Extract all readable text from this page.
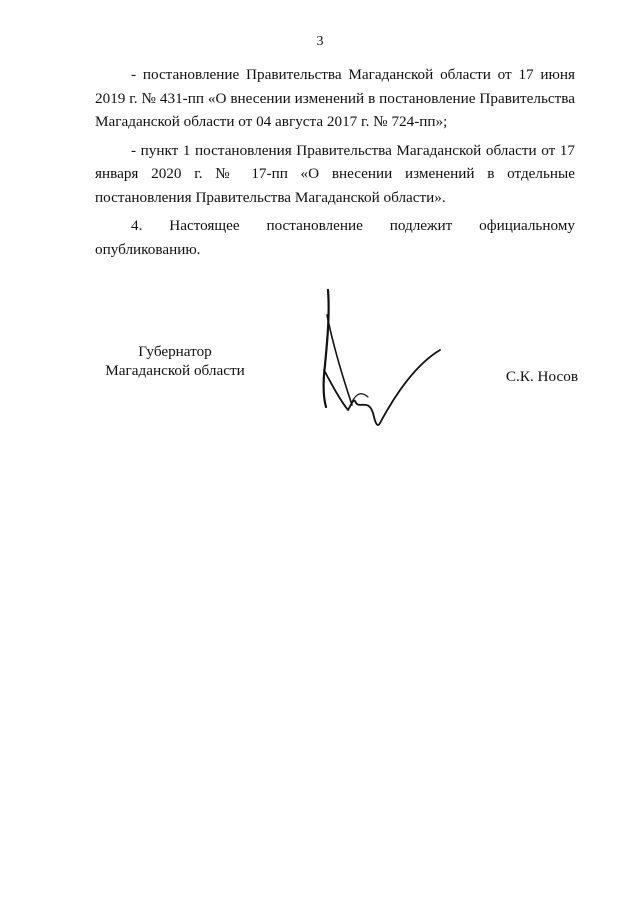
3

- постановление Правительства Магаданской области от 17 июня 2019 г. № 431-пп «О внесении изменений в постановление Правительства Магаданской области от 04 августа 2017 г. № 724-пп»;

- пункт 1 постановления Правительства Магаданской области от 17 января 2020 г. № 17-пп «О внесении изменений в отдельные постановления Правительства Магаданской области».

4. Настоящее постановление подлежит официальному опубликованию.

Губернатор
Магаданской области	С.К. Носов
